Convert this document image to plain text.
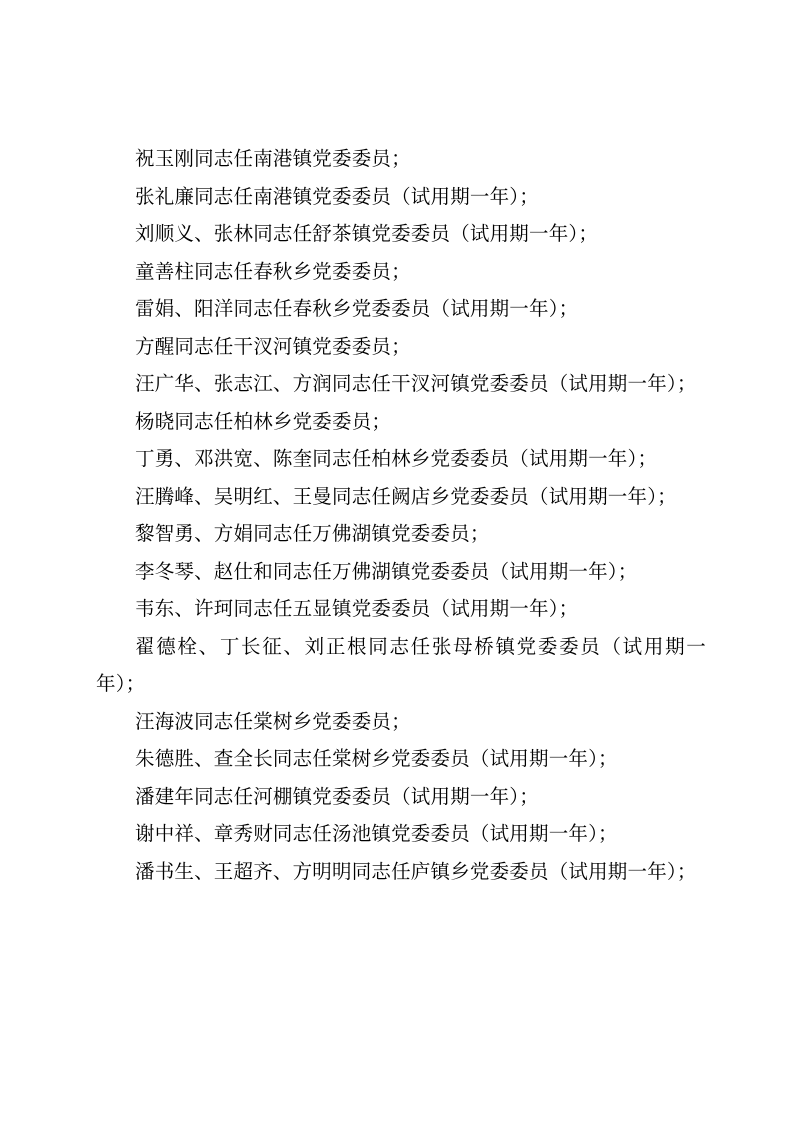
祝玉刚同志任南港镇党委委员；

张礼廉同志任南港镇党委委员（试用期一年）；

刘顺义、张林同志任舒茶镇党委委员（试用期一年）；

童善柱同志任春秋乡党委委员；

雷娟、阳洋同志任春秋乡党委委员（试用期一年）；

方醒同志任干汊河镇党委委员；

汪广华、张志江、方润同志任干汊河镇党委委员（试用期一年）；

杨晓同志任柏林乡党委委员；

丁勇、邓洪宽、陈奎同志任柏林乡党委委员（试用期一年）；

汪腾峰、吴明红、王曼同志任阙店乡党委委员（试用期一年）；

黎智勇、方娟同志任万佛湖镇党委委员；

李冬琴、赵仕和同志任万佛湖镇党委委员（试用期一年）；

韦东、许珂同志任五显镇党委委员（试用期一年）；

翟德栓、丁长征、刘正根同志任张母桥镇党委委员（试用期一年）；

汪海波同志任棠树乡党委委员；

朱德胜、查全长同志任棠树乡党委委员（试用期一年）；

潘建年同志任河棚镇党委委员（试用期一年）；

谢中祥、章秀财同志任汤池镇党委委员（试用期一年）；

潘书生、王超齐、方明明同志任庐镇乡党委委员（试用期一年）；
